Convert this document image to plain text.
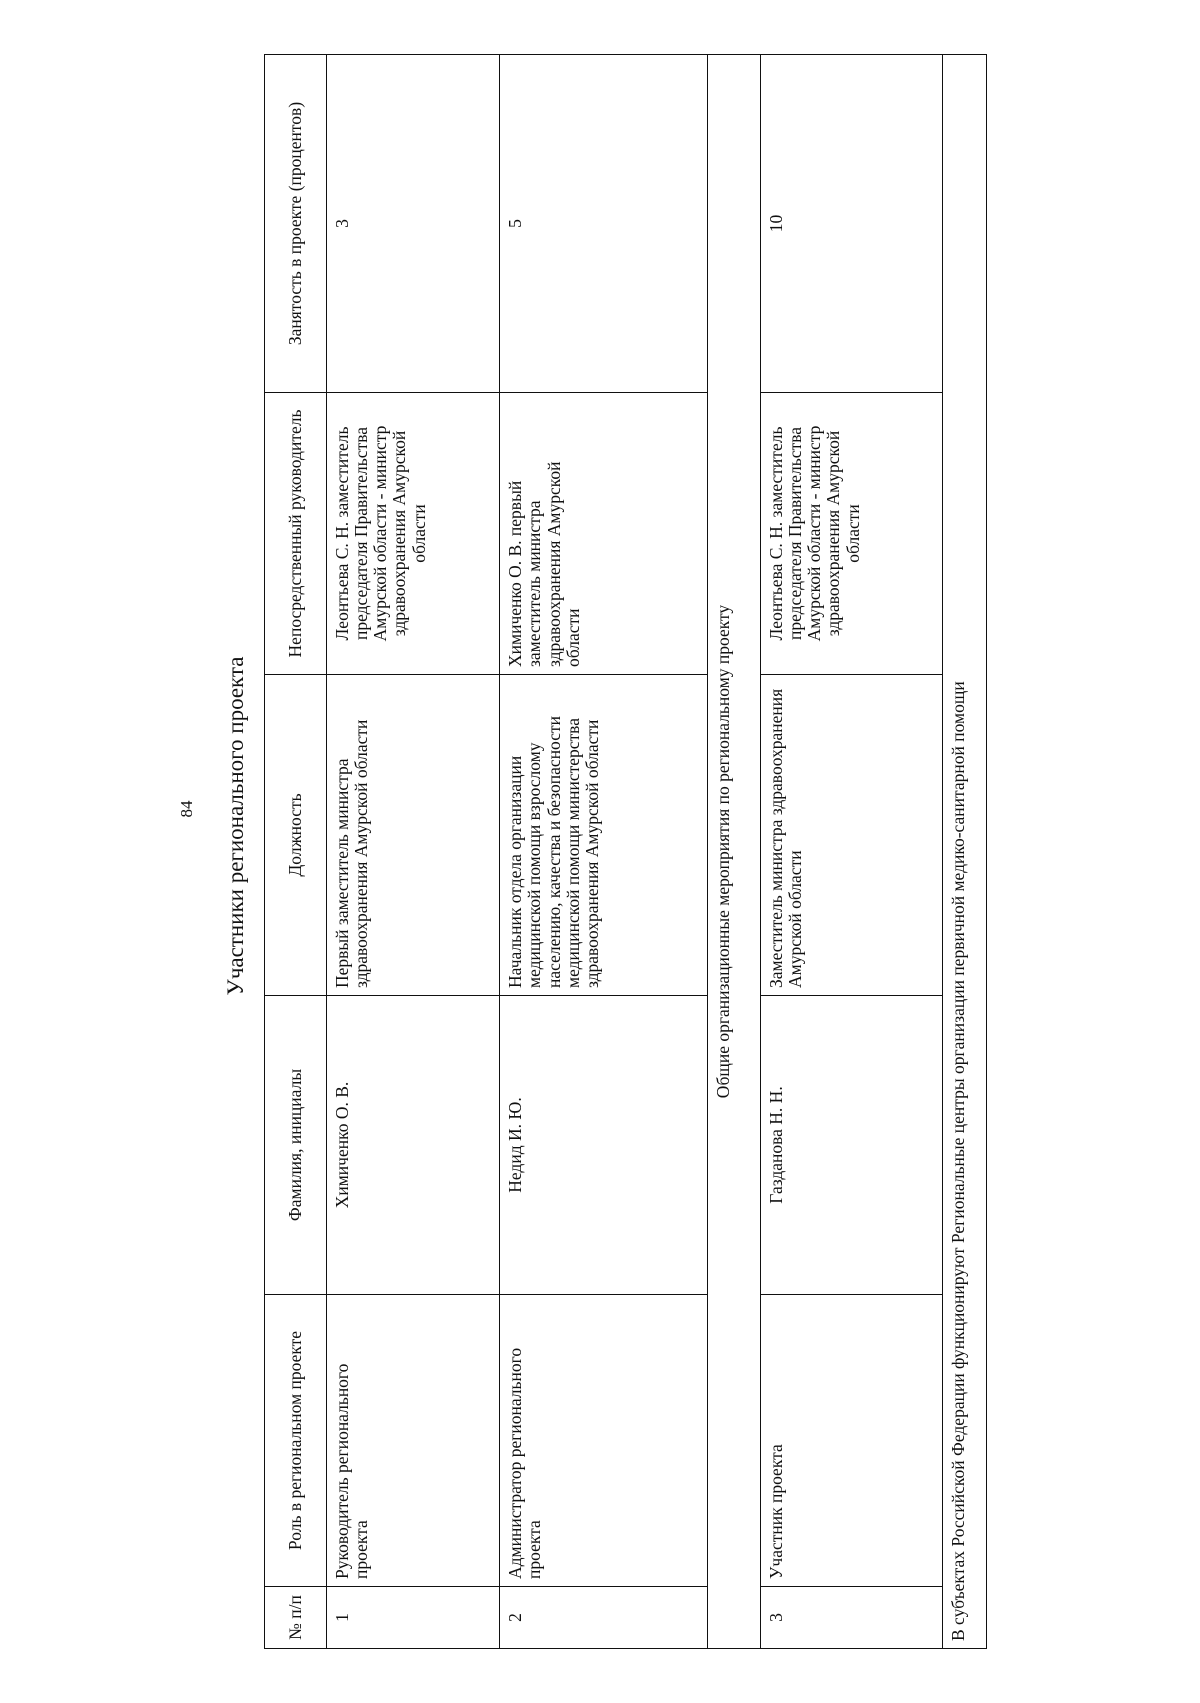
84 Участники регионального проекта
№ п/п	Роль в региональном проекте	Фамилия, инициалы	Должность	Непосредственный руководитель	Занятость в проекте (процентов)
1	Руководитель регионального проекта	Химиченко О. В.	Первый заместитель министра здравоохранения Амурской области	Леонтьева С. Н. заместитель председателя Правительства Амурской области - министр здравоохранения Амурской области	3
2	Администратор регионального проекта	Недид И. Ю.	Начальник отдела организации медицинской помощи взрослому населению, качества и безопасности медицинской помощи министерства здравоохранения Амурской области	Химиченко О. В. первый заместитель министра здравоохранения Амурской области	5
Общие организационные мероприятия по региональному проекту					
3	Участник проекта	Газданова Н. Н.	Заместитель министра здравоохранения Амурской области	Леонтьева С. Н. заместитель председателя Правительства Амурской области - министр здравоохранения Амурской области	10
В субъектах Российской Федерации функционируют Региональные центры организации первичной медико-санитарной помощи					
